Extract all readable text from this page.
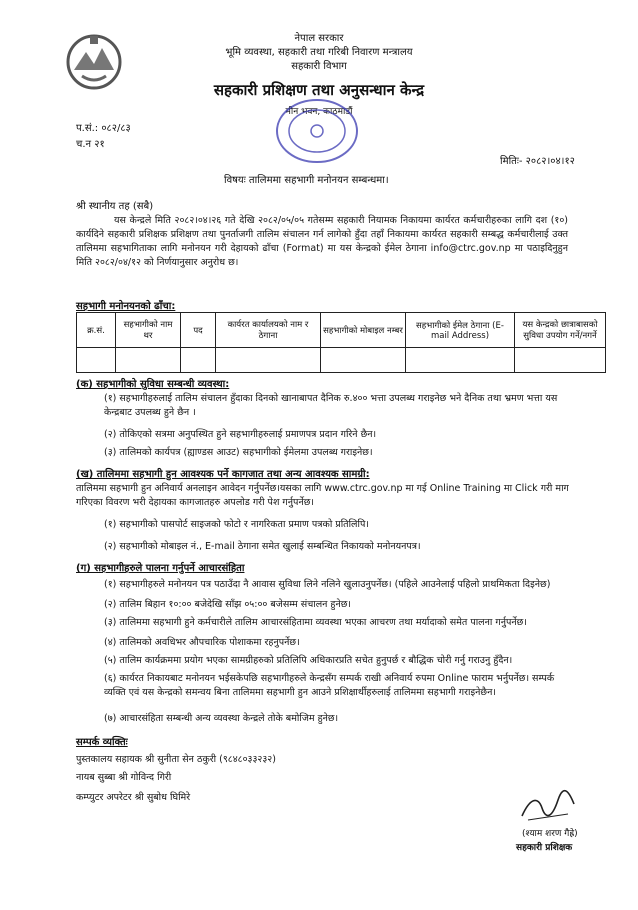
नेपाल सरकार
भूमि व्यवस्था, सहकारी तथा गरिबी निवारण मन्त्रालय
सहकारी विभाग
सहकारी प्रशिक्षण तथा अनुसन्धान केन्द्र
मीन भवन, काठमाडौं
प.सं.: ०८२/८३
च.न २१
मितिः- २०८२।०४।१२
विषयः तालिममा सहभागी मनोनयन सम्बन्धमा।
श्री स्थानीय तह (सबै)
यस केन्द्रले मिति २०८२।०४।२६ गते देखि २०८२/०५/०५ गतेसम्म सहकारी नियामक निकायमा कार्यरत कर्मचारीहरुका लागि दश (१०) कार्यदिने सहकारी प्रशिक्षक प्रशिक्षण तथा पुनर्ताजगी तालिम संचालन गर्न लागेको हुँदा तहाँ निकायमा कार्यरत सहकारी सम्बद्ध कर्मचारीलाई उक्त तालिममा सहभागिताका लागि मनोनयन गरी देहायको ढाँचा (Format) मा यस केन्द्रको ईमेल ठेगाना info@ctrc.gov.np मा पठाइदिनुहुन मिति २०८२/०४/१२ को निर्णयानुसार अनुरोध छ।
सहभागी मनोनयनको ढाँचा:
क्र.सं.	सहभागीको नाम थर	पद	कार्यरत कार्यालयको नाम र ठेगाना	सहभागीको मोबाइल नम्बर	सहभागीको ईमेल ठेगाना (E-mail Address)	यस केन्द्रको छात्राबासको सुविधा उपयोग गर्ने/नगर्ने

(क) सहभागीको सुविधा सम्बन्धी व्यवस्था:
(१) सहभागीहरुलाई तालिम संचालन हुँदाका दिनको खानाबापत दैनिक रु.४०० भत्ता उपलब्ध गराइनेछ भने दैनिक तथा भ्रमण भत्ता यस केन्द्रबाट उपलब्ध हुने छैन ।
(२) तोकिएको सत्रमा अनुपस्थित हुने सहभागीहरुलाई प्रमाणपत्र प्रदान गरिने छैन।
(३) तालिमको कार्यपत्र (ह्याण्डस आउट) सहभागीको ईमेलमा उपलब्ध गराइनेछ।
(ख) तालिममा सहभागी हुन आवश्यक पर्ने कागजात तथा अन्य आवश्यक सामग्री:
तालिममा सहभागी हुन अनिवार्य अनलाइन आवेदन गर्नुपर्नेछ।यसका लागि www.ctrc.gov.np मा गई Online Training मा Click गरी माग गरिएका विवरण भरी देहायका कागजातहरु अपलोड गरी पेश गर्नुपर्नेछ।
(१) सहभागीको पासपोर्ट साइजको फोटो र नागरिकता प्रमाण पत्रको प्रतिलिपि।
(२) सहभागीको मोबाइल नं., E-mail ठेगाना समेत खुलाई सम्बन्धित निकायको मनोनयनपत्र।
(ग) सहभागीहरुले पालना गर्नुपर्ने आचारसंहिता
(१) सहभागीहरुले मनोनयन पत्र पठाउँदा नै आवास सुविधा लिने नलिने खुलाउनुपर्नेछ। (पहिले आउनेलाई पहिलो प्राथमिकता दिइनेछ)
(२) तालिम बिहान १०:०० बजेदेखि साँझ ०५:०० बजेसम्म संचालन हुनेछ।
(३) तालिममा सहभागी हुने कर्मचारीले तालिम आचारसंहितामा व्यवस्था भएका आचरण तथा मर्यादाको समेत पालना गर्नुपर्नेछ।
(४) तालिमको अवधिभर औपचारिक पोशाकमा रहनुपर्नेछ।
(५) तालिम कार्यक्रममा प्रयोग भएका सामग्रीहरुको प्रतिलिपि अधिकारप्रति सचेत हुनुपर्छ र बौद्धिक चोरी गर्नु गराउनु हुँदैन।
(६) कार्यरत निकायबाट मनोनयन भईसकेपछि सहभागीहरुले केन्द्रसँग सम्पर्क राखी अनिवार्य रुपमा Online फाराम भर्नुपर्नेछ। सम्पर्क व्यक्ति एवं यस केन्द्रको समन्वय बिना तालिममा सहभागी हुन आउने प्रशिक्षार्थीहरुलाई तालिममा सहभागी गराइनेछैन।
(७) आचारसंहिता सम्बन्धी अन्य व्यवस्था केन्द्रले तोके बमोजिम हुनेछ।
सम्पर्क व्यक्तिः
पुस्तकालय सहायक श्री सुनीता सेन ठकुरी (९८४८०३३२३२)
नायब सुब्बा श्री गोविन्द गिरी
कम्प्युटर अपरेटर श्री सुबोध घिमिरे
(श्याम शरण गैह्रे)
सहकारी प्रशिक्षक
